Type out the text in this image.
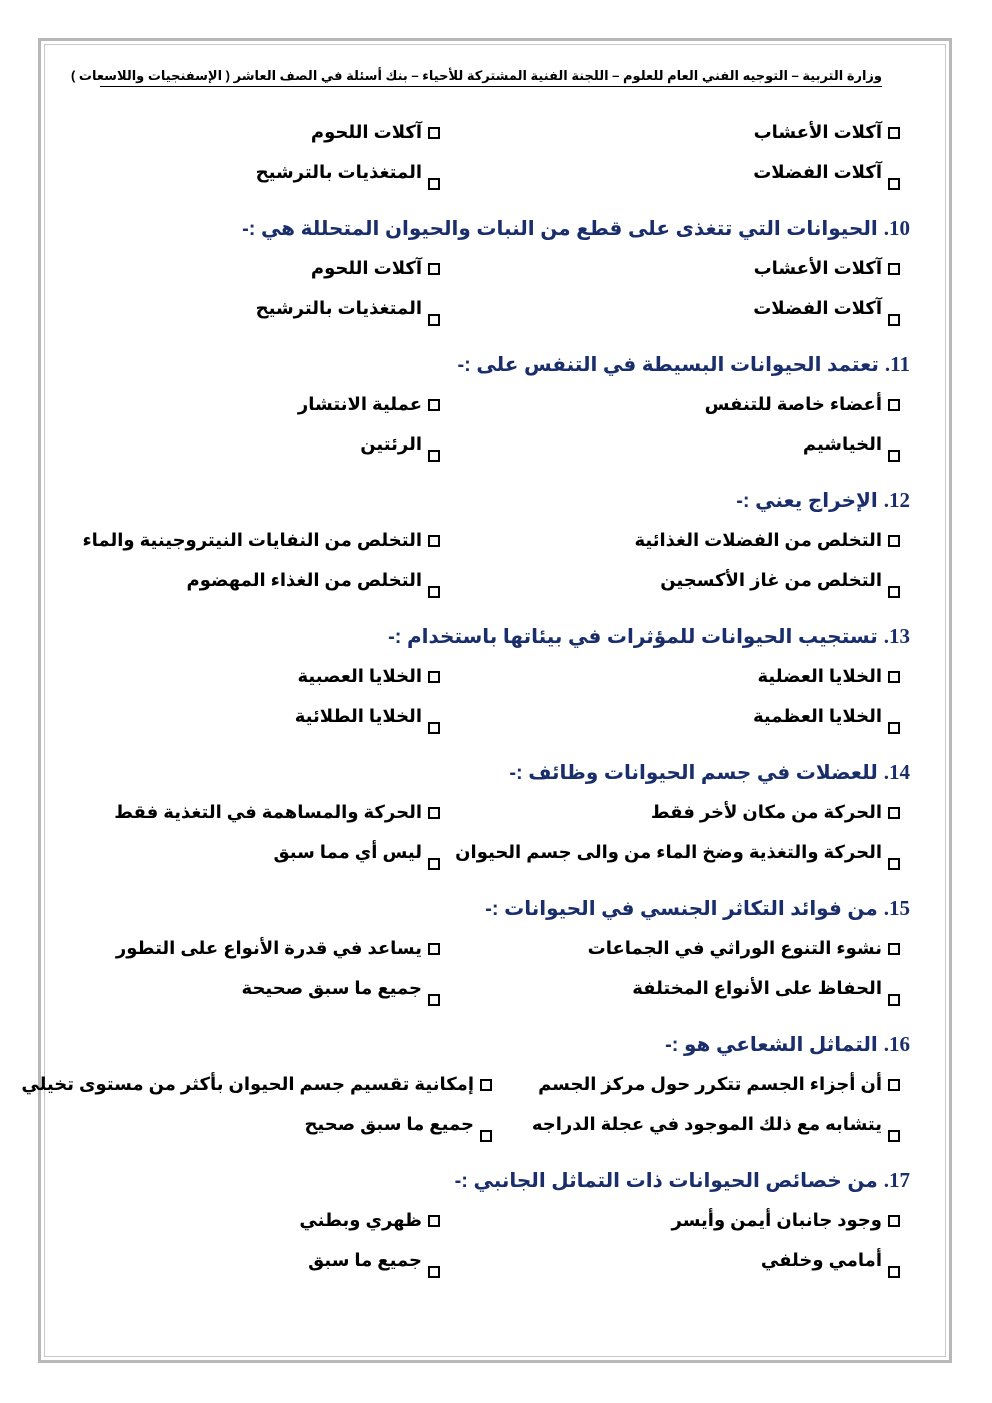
وزارة التربية – التوجيه الفني العام للعلوم – اللجنة الفنية المشتركة للأحياء – بنك أسئلة في الصف العاشر ( الإسفنجيات واللاسعات )
آكلات الأعشاب
آكلات اللحوم
آكلات الفضلات
المتغذيات بالترشيح
10.الحيوانات التي تتغذى على قطع من النبات والحيوان المتحللة هي :-
آكلات الأعشاب
آكلات اللحوم
آكلات الفضلات
المتغذيات بالترشيح
11.تعتمد الحيوانات البسيطة في التنفس على :-
أعضاء خاصة للتنفس
عملية الانتشار
الخياشيم
الرئتين
12.الإخراج يعني :-
التخلص من الفضلات الغذائية
التخلص من النفايات النيتروجينية والماء
التخلص من غاز الأكسجين
التخلص من الغذاء المهضوم
13.تستجيب الحيوانات للمؤثرات في بيئاتها باستخدام :-
الخلايا العضلية
الخلايا العصبية
الخلايا العظمية
الخلايا الطلائية
14.للعضلات في جسم الحيوانات وظائف :-
الحركة من مكان لأخر فقط
الحركة والمساهمة في التغذية فقط
الحركة والتغذية وضخ الماء من والى جسم الحيوان
ليس أي مما سبق
15.من فوائد التكاثر الجنسي في الحيوانات :-
نشوء التنوع الوراثي في الجماعات
يساعد في قدرة الأنواع على التطور
الحفاظ على الأنواع المختلفة
جميع ما سبق صحيحة
16.التماثل الشعاعي هو :-
أن أجزاء الجسم تتكرر حول مركز الجسم
إمكانية تقسيم جسم الحيوان بأكثر من مستوى تخيلي
يتشابه مع ذلك الموجود في عجلة الدراجه
جميع ما سبق صحيح
17.من خصائص الحيوانات ذات التماثل الجانبي :-
وجود جانبان أيمن وأيسر
ظهري وبطني
أمامي وخلفي
جميع ما سبق
